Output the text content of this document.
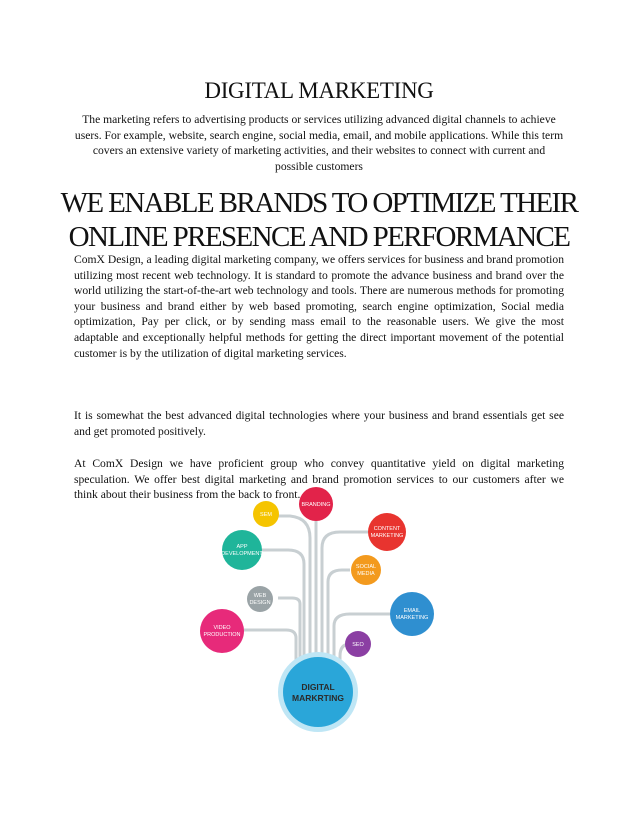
DIGITAL MARKETING
The marketing refers to advertising products or services utilizing advanced digital channels to achieve users. For example, website, search engine, social media, email, and mobile applications. While this term covers an extensive variety of marketing activities, and their websites to connect with current and possible customers
WE ENABLE BRANDS TO OPTIMIZE THEIR
ONLINE PRESENCE AND PERFORMANCE
ComX Design, a leading digital marketing company, we offers services for business and brand promotion utilizing most recent web technology. It is standard to promote the advance business and brand over the world utilizing the start-of-the-art web technology and tools. There are numerous methods for promoting your business and brand either by web based promoting, search engine optimization, Social media optimization, Pay per click, or by sending mass email to the reasonable users. We give the most adaptable and exceptionally helpful methods for getting the direct important movement of the potential customer is by the utilization of digital marketing services.
It is somewhat the best advanced digital technologies where your business and brand essentials get see and get promoted positively.
At ComX Design we have proficient group who convey quantitative yield on digital marketing speculation. We offer best digital marketing and brand promotion services to our customers after we think about their business from the back to front.
SEM
BRANDING
CONTENT
MARKETING
APP
DEVELOPMENT
SOCIAL
MEDIA
WEB
DESIGN
EMAIL
MARKETING
VIDEO
PRODUCTION
SEO
DIGITAL
MARKRTING
